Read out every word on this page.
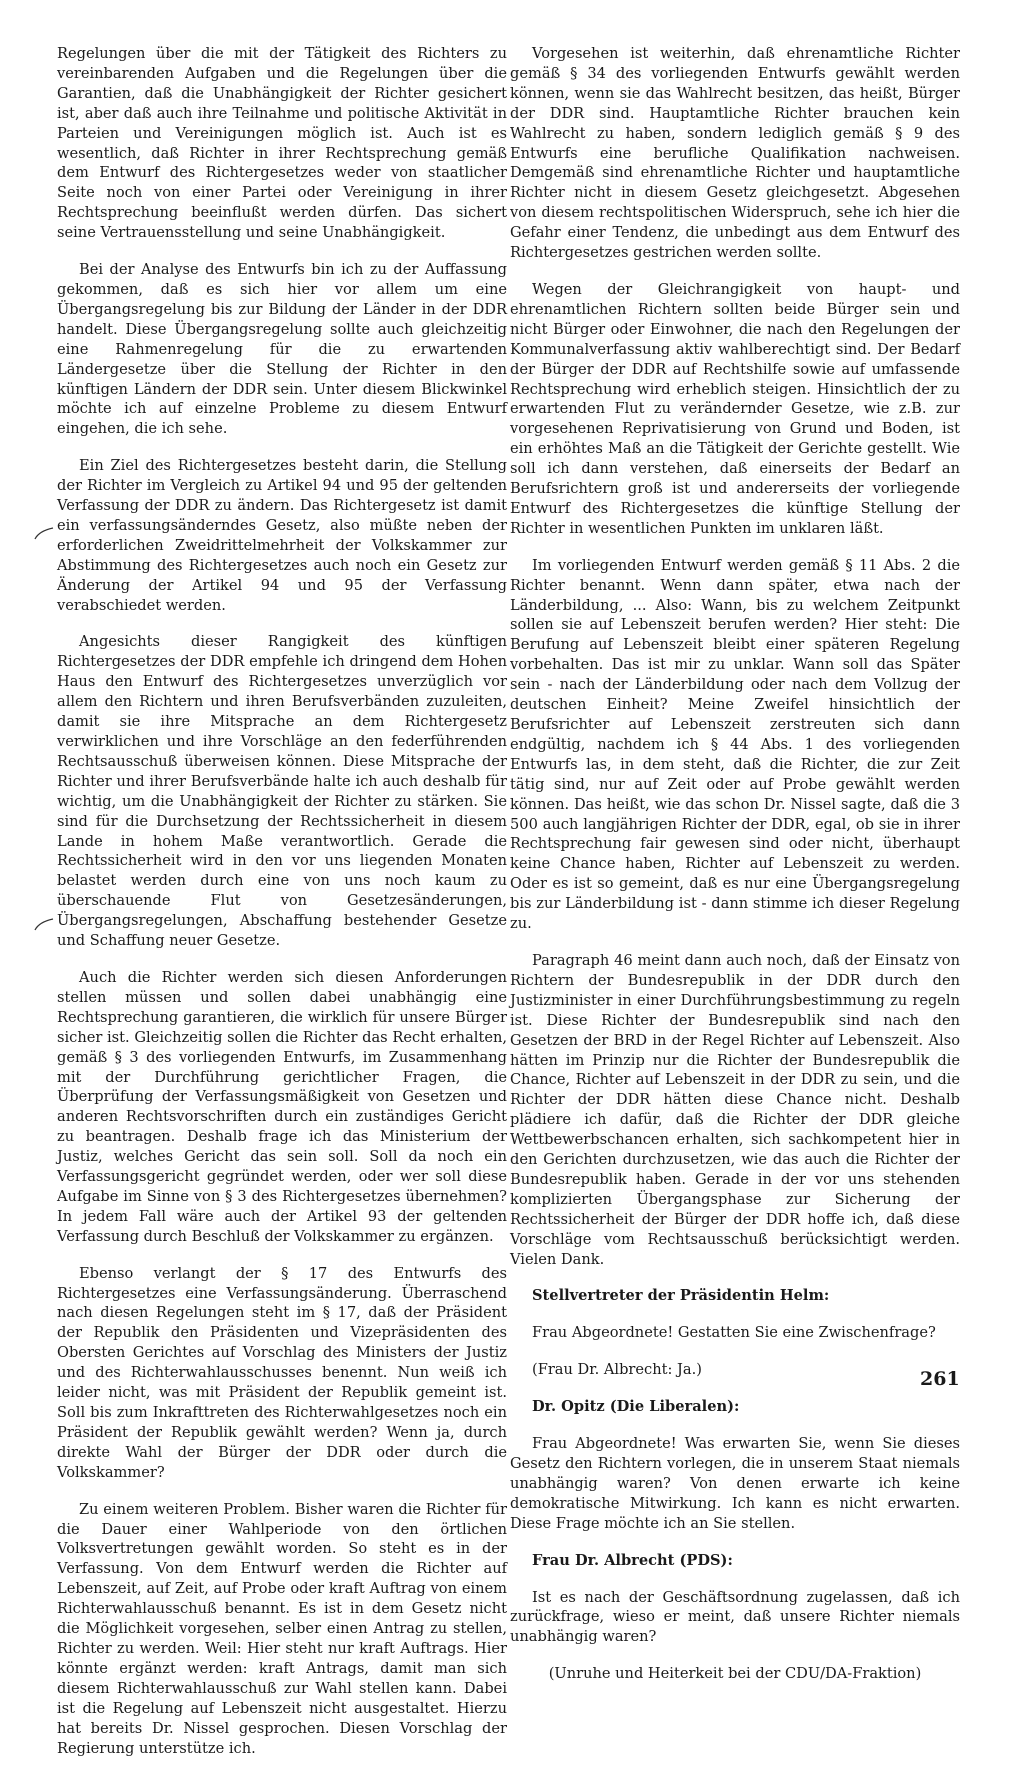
Regelungen über die mit der Tätigkeit des Richters zu vereinbarenden Aufgaben und die Regelungen über die Garantien, daß die Unabhängigkeit der Richter gesichert ist, aber daß auch ihre Teilnahme und politische Aktivität in Parteien und Vereinigungen möglich ist. Auch ist es wesentlich, daß Richter in ihrer Rechtsprechung gemäß dem Entwurf des Richtergesetzes weder von staatlicher Seite noch von einer Partei oder Vereinigung in ihrer Rechtsprechung beeinflußt werden dürfen. Das sichert seine Vertrauensstellung und seine Unabhängigkeit.

Bei der Analyse des Entwurfs bin ich zu der Auffassung gekommen, daß es sich hier vor allem um eine Übergangsregelung bis zur Bildung der Länder in der DDR handelt. Diese Übergangsregelung sollte auch gleichzeitig eine Rahmenregelung für die zu erwartenden Ländergesetze über die Stellung der Richter in den künftigen Ländern der DDR sein. Unter diesem Blickwinkel möchte ich auf einzelne Probleme zu diesem Entwurf eingehen, die ich sehe.

Ein Ziel des Richtergesetzes besteht darin, die Stellung der Richter im Vergleich zu Artikel 94 und 95 der geltenden Verfassung der DDR zu ändern. Das Richtergesetz ist damit ein verfassungsänderndes Gesetz, also müßte neben der erforderlichen Zweidrittelmehrheit der Volkskammer zur Abstimmung des Richtergesetzes auch noch ein Gesetz zur Änderung der Artikel 94 und 95 der Verfassung verabschiedet werden.

Angesichts dieser Rangigkeit des künftigen Richtergesetzes der DDR empfehle ich dringend dem Hohen Haus den Entwurf des Richtergesetzes unverzüglich vor allem den Richtern und ihren Berufsverbänden zuzuleiten, damit sie ihre Mitsprache an dem Richtergesetz verwirklichen und ihre Vorschläge an den federführenden Rechtsausschuß überweisen können. Diese Mitsprache der Richter und ihrer Berufsverbände halte ich auch deshalb für wichtig, um die Unabhängigkeit der Richter zu stärken. Sie sind für die Durchsetzung der Rechtssicherheit in diesem Lande in hohem Maße verantwortlich. Gerade die Rechtssicherheit wird in den vor uns liegenden Monaten belastet werden durch eine von uns noch kaum zu überschauende Flut von Gesetzesänderungen, Übergangsregelungen, Abschaffung bestehender Gesetze und Schaffung neuer Gesetze.

Auch die Richter werden sich diesen Anforderungen stellen müssen und sollen dabei unabhängig eine Rechtsprechung garantieren, die wirklich für unsere Bürger sicher ist. Gleichzeitig sollen die Richter das Recht erhalten, gemäß § 3 des vorliegenden Entwurfs, im Zusammenhang mit der Durchführung gerichtlicher Fragen, die Überprüfung der Verfassungsmäßigkeit von Gesetzen und anderen Rechtsvorschriften durch ein zuständiges Gericht zu beantragen. Deshalb frage ich das Ministerium der Justiz, welches Gericht das sein soll. Soll da noch ein Verfassungsgericht gegründet werden, oder wer soll diese Aufgabe im Sinne von § 3 des Richtergesetzes übernehmen? In jedem Fall wäre auch der Artikel 93 der geltenden Verfassung durch Beschluß der Volkskammer zu ergänzen.

Ebenso verlangt der § 17 des Entwurfs des Richtergesetzes eine Verfassungsänderung. Überraschend nach diesen Regelungen steht im § 17, daß der Präsident der Republik den Präsidenten und Vizepräsidenten des Obersten Gerichtes auf Vorschlag des Ministers der Justiz und des Richterwahlausschusses benennt. Nun weiß ich leider nicht, was mit Präsident der Republik gemeint ist. Soll bis zum Inkrafttreten des Richterwahlgesetzes noch ein Präsident der Republik gewählt werden? Wenn ja, durch direkte Wahl der Bürger der DDR oder durch die Volkskammer?

Zu einem weiteren Problem. Bisher waren die Richter für die Dauer einer Wahlperiode von den örtlichen Volksvertretungen gewählt worden. So steht es in der Verfassung. Von dem Entwurf werden die Richter auf Lebenszeit, auf Zeit, auf Probe oder kraft Auftrag von einem Richterwahlausschuß benannt. Es ist in dem Gesetz nicht die Möglichkeit vorgesehen, selber einen Antrag zu stellen, Richter zu werden. Weil: Hier steht nur kraft Auftrags. Hier könnte ergänzt werden: kraft Antrags, damit man sich diesem Richterwahlausschuß zur Wahl stellen kann. Dabei ist die Regelung auf Lebenszeit nicht ausgestaltet. Hierzu hat bereits Dr. Nissel gesprochen. Diesen Vorschlag der Regierung unterstütze ich.

Vorgesehen ist weiterhin, daß ehrenamtliche Richter gemäß § 34 des vorliegenden Entwurfs gewählt werden können, wenn sie das Wahlrecht besitzen, das heißt, Bürger der DDR sind. Hauptamtliche Richter brauchen kein Wahlrecht zu haben, sondern lediglich gemäß § 9 des Entwurfs eine berufliche Qualifikation nachweisen. Demgemäß sind ehrenamtliche Richter und hauptamtliche Richter nicht in diesem Gesetz gleichgesetzt. Abgesehen von diesem rechtspolitischen Widerspruch, sehe ich hier die Gefahr einer Tendenz, die unbedingt aus dem Entwurf des Richtergesetzes gestrichen werden sollte.

Wegen der Gleichrangigkeit von haupt- und ehrenamtlichen Richtern sollten beide Bürger sein und nicht Bürger oder Einwohner, die nach den Regelungen der Kommunalverfassung aktiv wahlberechtigt sind. Der Bedarf der Bürger der DDR auf Rechtshilfe sowie auf umfassende Rechtsprechung wird erheblich steigen. Hinsichtlich der zu erwartenden Flut zu verändernder Gesetze, wie z.B. zur vorgesehenen Reprivatisierung von Grund und Boden, ist ein erhöhtes Maß an die Tätigkeit der Gerichte gestellt. Wie soll ich dann verstehen, daß einerseits der Bedarf an Berufsrichtern groß ist und andererseits der vorliegende Entwurf des Richtergesetzes die künftige Stellung der Richter in wesentlichen Punkten im unklaren läßt.

Im vorliegenden Entwurf werden gemäß § 11 Abs. 2 die Richter benannt. Wenn dann später, etwa nach der Länderbildung, ... Also: Wann, bis zu welchem Zeitpunkt sollen sie auf Lebenszeit berufen werden? Hier steht: Die Berufung auf Lebenszeit bleibt einer späteren Regelung vorbehalten. Das ist mir zu unklar. Wann soll das Später sein - nach der Länderbildung oder nach dem Vollzug der deutschen Einheit? Meine Zweifel hinsichtlich der Berufsrichter auf Lebenszeit zerstreuten sich dann endgültig, nachdem ich § 44 Abs. 1 des vorliegenden Entwurfs las, in dem steht, daß die Richter, die zur Zeit tätig sind, nur auf Zeit oder auf Probe gewählt werden können. Das heißt, wie das schon Dr. Nissel sagte, daß die 3 500 auch langjährigen Richter der DDR, egal, ob sie in ihrer Rechtsprechung fair gewesen sind oder nicht, überhaupt keine Chance haben, Richter auf Lebenszeit zu werden. Oder es ist so gemeint, daß es nur eine Übergangsregelung bis zur Länderbildung ist - dann stimme ich dieser Regelung zu.

Paragraph 46 meint dann auch noch, daß der Einsatz von Richtern der Bundesrepublik in der DDR durch den Justizminister in einer Durchführungsbestimmung zu regeln ist. Diese Richter der Bundesrepublik sind nach den Gesetzen der BRD in der Regel Richter auf Lebenszeit. Also hätten im Prinzip nur die Richter der Bundesrepublik die Chance, Richter auf Lebenszeit in der DDR zu sein, und die Richter der DDR hätten diese Chance nicht. Deshalb plädiere ich dafür, daß die Richter der DDR gleiche Wettbewerbschancen erhalten, sich sachkompetent hier in den Gerichten durchzusetzen, wie das auch die Richter der Bundesrepublik haben. Gerade in der vor uns stehenden komplizierten Übergangsphase zur Sicherung der Rechtssicherheit der Bürger der DDR hoffe ich, daß diese Vorschläge vom Rechtsausschuß berücksichtigt werden. Vielen Dank.

Stellvertreter der Präsidentin Helm:

Frau Abgeordnete! Gestatten Sie eine Zwischenfrage?

(Frau Dr. Albrecht: Ja.)

Dr. Opitz (Die Liberalen):

Frau Abgeordnete! Was erwarten Sie, wenn Sie dieses Gesetz den Richtern vorlegen, die in unserem Staat niemals unabhängig waren? Von denen erwarte ich keine demokratische Mitwirkung. Ich kann es nicht erwarten. Diese Frage möchte ich an Sie stellen.

Frau Dr. Albrecht (PDS):

Ist es nach der Geschäftsordnung zugelassen, daß ich zurückfrage, wieso er meint, daß unsere Richter niemals unabhängig waren?

(Unruhe und Heiterkeit bei der CDU/DA-Fraktion)

261
